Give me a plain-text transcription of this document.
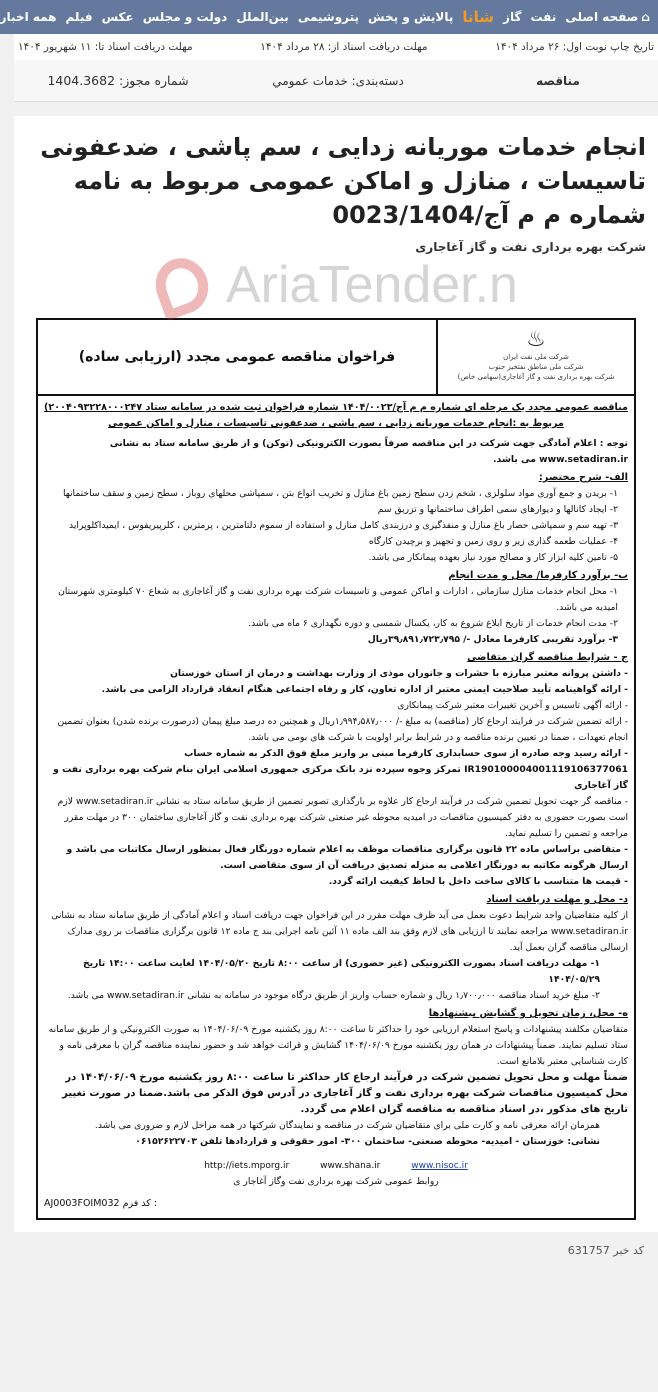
⌂
صفحه اصلی
نفت
گاز
شانا
پالایش و پخش
پتروشیمی
بین‌الملل
دولت و مجلس
عکس
فیلم
همه اخبار
تاریخ چاپ نوبت اول: ۲۶ مرداد ۱۴۰۴
مهلت دریافت اسناد از: ۲۸ مرداد ۱۴۰۴
مهلت دریافت اسناد تا: ۱۱ شهریور ۱۴۰۴
مناقصه
دسته‌بندی: خدمات عمومي
شماره مجوز: 1404.3682
انجام خدمات موریانه زدایی ، سم پاشی ، ضدعفونی تاسیسات ، منازل و اماکن عمومی مربوط به نامه شماره م م آج/0023/1404
شرکت بهره برداری نفت و گاز آغاجاری
AriaTender.n
♨
شرکت ملی نفت ایران
شرکت ملی مناطق نفتخیز جنوب
شرکت بهره برداری نفت و گاز آغاجاری(سهامی خاص)
فراخوان مناقصه عمومی مجدد (ارزیابی ساده)
مناقصه عمومي مجدد يک مرحله ای شماره م م آج/۱۴۰۴/۰۰۲۳ شماره فراخوان ثبت شده در سامانه ستاد ۲۰۰۴۰۹۳۲۲۸۰۰۰۲۴۷)
مربوط به :انجام خدمات موریانه زدایی ، سم پاشي ، ضدعفوني تاسيسات ، منازل و اماکن عمومي
توجه : اعلام آمادگی جهت شرکت در این مناقصه صرفاً بصورت الکترونیکی (توکن) و از طریق سامانه ستاد به نشانی www.setadiran.ir می باشد.
الف- شرح مختصر:
۱- بریدن و جمع آوری مواد سلولزی ، شخم زدن سطح زمین باغ منازل و تخریب انواع بتن ، سمپاشی محلهای روباز ، سطح زمین و سقف ساختمانها
۲- ایجاد کانالها و دیوارهای سمی اطراف ساختمانها و تزریق سم
۳- تهیه سم و سمپاشی حصار باغ منازل و منفذگیری و درزبندی کامل منازل و استفاده از سموم دلتامترین ، پرمترین ، کلرپیریفوس ، ایمیداکلوپراید
۴- عملیات طعمه گذاری زیر و روی زمین و تجهیز و برچیدن کارگاه
۵- تامین کلیه ابزار کار و مصالح مورد نیاز بعهده پیمانکار می باشد.
ب- برآورد کارفرما/ محل و مدت انجام
۱- محل انجام خدمات منازل سازمانی ، ادارات و اماکن عمومی و تاسیسات شرکت بهره برداری نفت و گاز آغاجاری به شعاع ۷۰ کیلومتری شهرستان امیدیه می باشد.
۲- مدت انجام خدمات از تاریخ ابلاغ شروع به کار، یکسال شمسی و دوره نگهداری ۶ ماه می باشد.
۳- برآورد تقریبی کارفرما معادل -/ ۳۹٫۸۹۱٫۷۲۳٫۷۹۵ریال
ج - شرایط مناقصه گران متقاضی
- داشتن پروانه معتبر مبارزه با حشرات و جانوران موذی از وزارت بهداشت و درمان از استان خوزستان
- ارائه گواهینامه تأیید صلاحیت ایمنی معتبر از اداره تعاون، کار و رفاه اجتماعی هنگام انعقاد قرارداد الزامی می باشد.
- ارائه آگهی تاسیس و آخرین تغییرات معتبر شرکت پیمانکاری
- ارائه تضمین شرکت در فرایند ارجاع کار (مناقصه) به مبلغ -/ ۱٫۹۹۴٫۵۸۷٫۰۰۰ریال و همچنین ده درصد مبلغ پیمان (درصورت برنده شدن) بعنوان تضمین انجام تعهدات ، ضمنا در تعیین برنده مناقصه و در شرایط برابر اولویت با شرکت های بومی می باشد.
- ارائه رسید وجه صادره از سوی حسابداری کارفرما مبنی بر واریز مبلغ فوق الذکر به شماره حساب IR190100004001119106377061 تمرکز وجوه سپرده نزد بانک مرکزی جمهوری اسلامی ایران بنام شرکت بهره برداری نفت و گاز آغاجاری
- مناقصه گر جهت تحویل تضمین شرکت در فرآیند ارجاع کار علاوه بر بارگذاری تصویر تضمین از طریق سامانه ستاد به نشانی www.setadiran.ir لازم است بصورت حضوری به دفتر کمیسیون مناقصات در امیدیه محوطه غیر صنعتی شرکت بهره برداری نفت و گاز آغاجاری ساختمان ۳۰۰ در مهلت مقرر مراجعه و تضمین را تسلیم نماید.
- متقاضی براساس ماده ۲۲ قانون برگزاری مناقصات موظف به اعلام شماره دورنگار فعال بمنظور ارسال مکاتبات می باشد و ارسال هرگونه مکاتبه به دورنگار اعلامی به منزله تصدیق دریافت آن از سوی متقاضی است.
- قیمت ها متناسب با کالای ساخت داخل با لحاظ کیفیت ارائه گردد.
د- محل و مهلت دریافت اسناد
از کلیه متقاضیان واجد شرایط دعوت بعمل می آید ظرف مهلت مقرر در این فراخوان جهت دریافت اسناد و اعلام آمادگی از طریق سامانه ستاد به نشانی www.setadiran.ir مراجعه نمایند تا ارزیابی های لازم وفق بند الف ماده ۱۱ آئین نامه اجرایی بند ج ماده ۱۲ قانون برگزاری مناقصات بر روی مدارک ارسالی مناقصه گران بعمل آید.
۱- مهلت دریافت اسناد بصورت الکترونیکی (غیر حضوری) از ساعت ۸:۰۰ تاریخ ۱۴۰۴/۰۵/۲۰ لغایت ساعت ۱۴:۰۰ تاریخ ۱۴۰۴/۰۵/۲۹
۲- مبلغ خرید اسناد مناقصه ۱٫۷۰۰٫۰۰۰ ریال و شماره حساب واریز از طریق درگاه موجود در سامانه به نشانی www.setadiran.ir می باشد.
ه- محل، زمان تحویل و گشایش پیشنهادها
متقاضیان مکلفند پیشنهادات و پاسخ استعلام ارزیابی خود را حداکثر تا ساعت ۸:۰۰ روز یکشنبه مورخ ۱۴۰۴/۰۶/۰۹ به صورت الکترونیکی و از طریق سامانه ستاد تسلیم نمایند. ضمناً پیشنهادات در همان روز یکشنبه مورخ ۱۴۰۴/۰۶/۰۹ گشایش و قرائت خواهد شد و حضور نماینده مناقصه گران با معرفی نامه و کارت شناسایی معتبر بلامانع است.
ضمناً مهلت و محل تحویل تضمین شرکت در فرآیند ارجاع کار حداکثر تا ساعت ۸:۰۰ روز یکشنبه مورخ ۱۴۰۴/۰۶/۰۹ در محل کمیسیون مناقصات شرکت بهره برداری نفت و گاز آغاجاری در آدرس فوق الذکر می باشد.ضمنا در صورت تغییر تاریخ های مذکور ،در اسناد مناقصه به مناقصه گران اعلام می گردد.
همزمان ارائه معرفی نامه و کارت ملی برای متقاضیان شرکت در مناقصه و نمایندگان شرکتها در همه مراحل لازم و ضروری می باشد.
نشانی: خوزستان - امیدیه- محوطه صنعتی- ساختمان ۳۰۰- امور حقوقی و قراردادها تلفن ۰۶۱۵۲۶۲۲۷۰۳
http://iets.mporg.ir	www.shana.ir	www.nisoc.ir
روابط عمومی شرکت بهره برداری نفت وگاز آغاجار ی
AJ0003FOIM032 کد فرم :
کد خبر 631757
